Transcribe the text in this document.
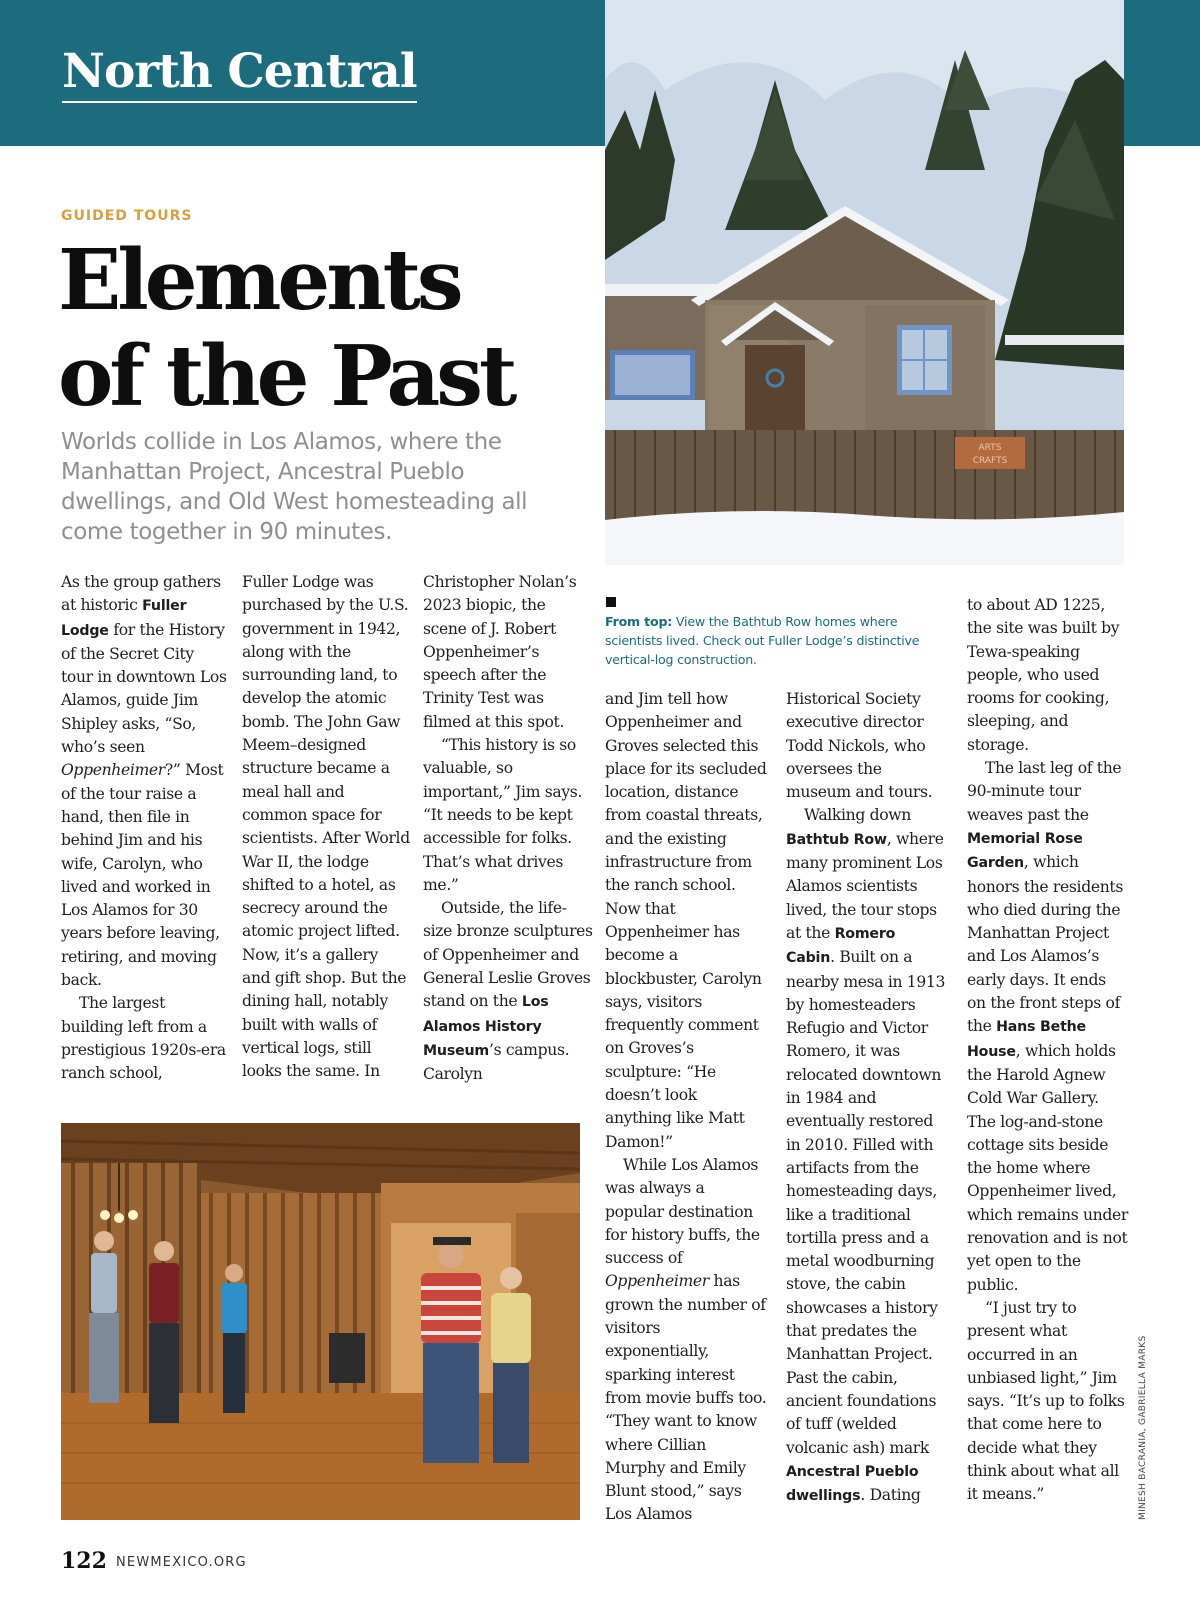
North Central
ARTS
CRAFTS
GUIDED TOURS
Elements
of the Past
Worlds collide in Los Alamos, where the Manhattan Project, Ancestral Pueblo dwellings, and Old West homesteading all come together in 90 minutes.

As the group gathers at historic Fuller Lodge for the History of the Secret City tour in downtown Los Alamos, guide Jim Shipley asks, “So, who’s seen Oppenheimer?” Most of the tour raise a hand, then file in behind Jim and his wife, Carolyn, who lived and worked in Los Alamos for 30 years before leaving, retiring, and moving back.

The largest building left from a prestigious 1920s-era ranch school,

Fuller Lodge was purchased by the U.S. government in 1942, along with the surrounding land, to develop the atomic bomb. The John Gaw Meem–designed structure became a meal hall and common space for scientists. After World War II, the lodge shifted to a hotel, as secrecy around the atomic project lifted. Now, it’s a gallery and gift shop. But the dining hall, notably built with walls of vertical logs, still looks the same. In

Christopher Nolan’s 2023 biopic, the scene of J. Robert Oppenheimer’s speech after the Trinity Test was filmed at this spot.

“This history is so valuable, so important,” Jim says. “It needs to be kept accessible for folks. That’s what drives me.”

Outside, the life-size bronze sculptures of Oppenheimer and General Leslie Groves stand on the Los Alamos History Museum’s campus. Carolyn

From top: View the Bathtub Row homes where scientists lived. Check out Fuller Lodge’s distinctive vertical-log construction.

and Jim tell how Oppenheimer and Groves selected this place for its secluded location, distance from coastal threats, and the existing infrastructure from the ranch school. Now that Oppenheimer has become a blockbuster, Carolyn says, visitors frequently comment on Groves’s sculpture: “He doesn’t look anything like Matt Damon!”

While Los Alamos was always a popular destination for history buffs, the success of Oppenheimer has grown the number of visitors exponentially, sparking interest from movie buffs too. “They want to know where Cillian Murphy and Emily Blunt stood,” says Los Alamos

Historical Society executive director Todd Nickols, who oversees the museum and tours.

Walking down Bathtub Row, where many prominent Los Alamos scientists lived, the tour stops at the Romero Cabin. Built on a nearby mesa in 1913 by homesteaders Refugio and Victor Romero, it was relocated downtown in 1984 and eventually restored in 2010. Filled with artifacts from the homesteading days, like a traditional tortilla press and a metal woodburning stove, the cabin showcases a history that predates the Manhattan Project. Past the cabin, ancient foundations of tuff (welded volcanic ash) mark Ancestral Pueblo dwellings. Dating

to about AD 1225, the site was built by Tewa-speaking people, who used rooms for cooking, sleeping, and storage.

The last leg of the 90-minute tour weaves past the Memorial Rose Garden, which honors the residents who died during the Manhattan Project and Los Alamos’s early days. It ends on the front steps of the Hans Bethe House, which holds the Harold Agnew Cold War Gallery. The log-and-stone cottage sits beside the home where Oppenheimer lived, which remains under renovation and is not yet open to the public.

“I just try to present what occurred in an unbiased light,” Jim says. “It’s up to folks that come here to decide what they think about what all it means.”	MINESH BACRANIA, GABRIELLA MARKS
122 NEWMEXICO.ORG
